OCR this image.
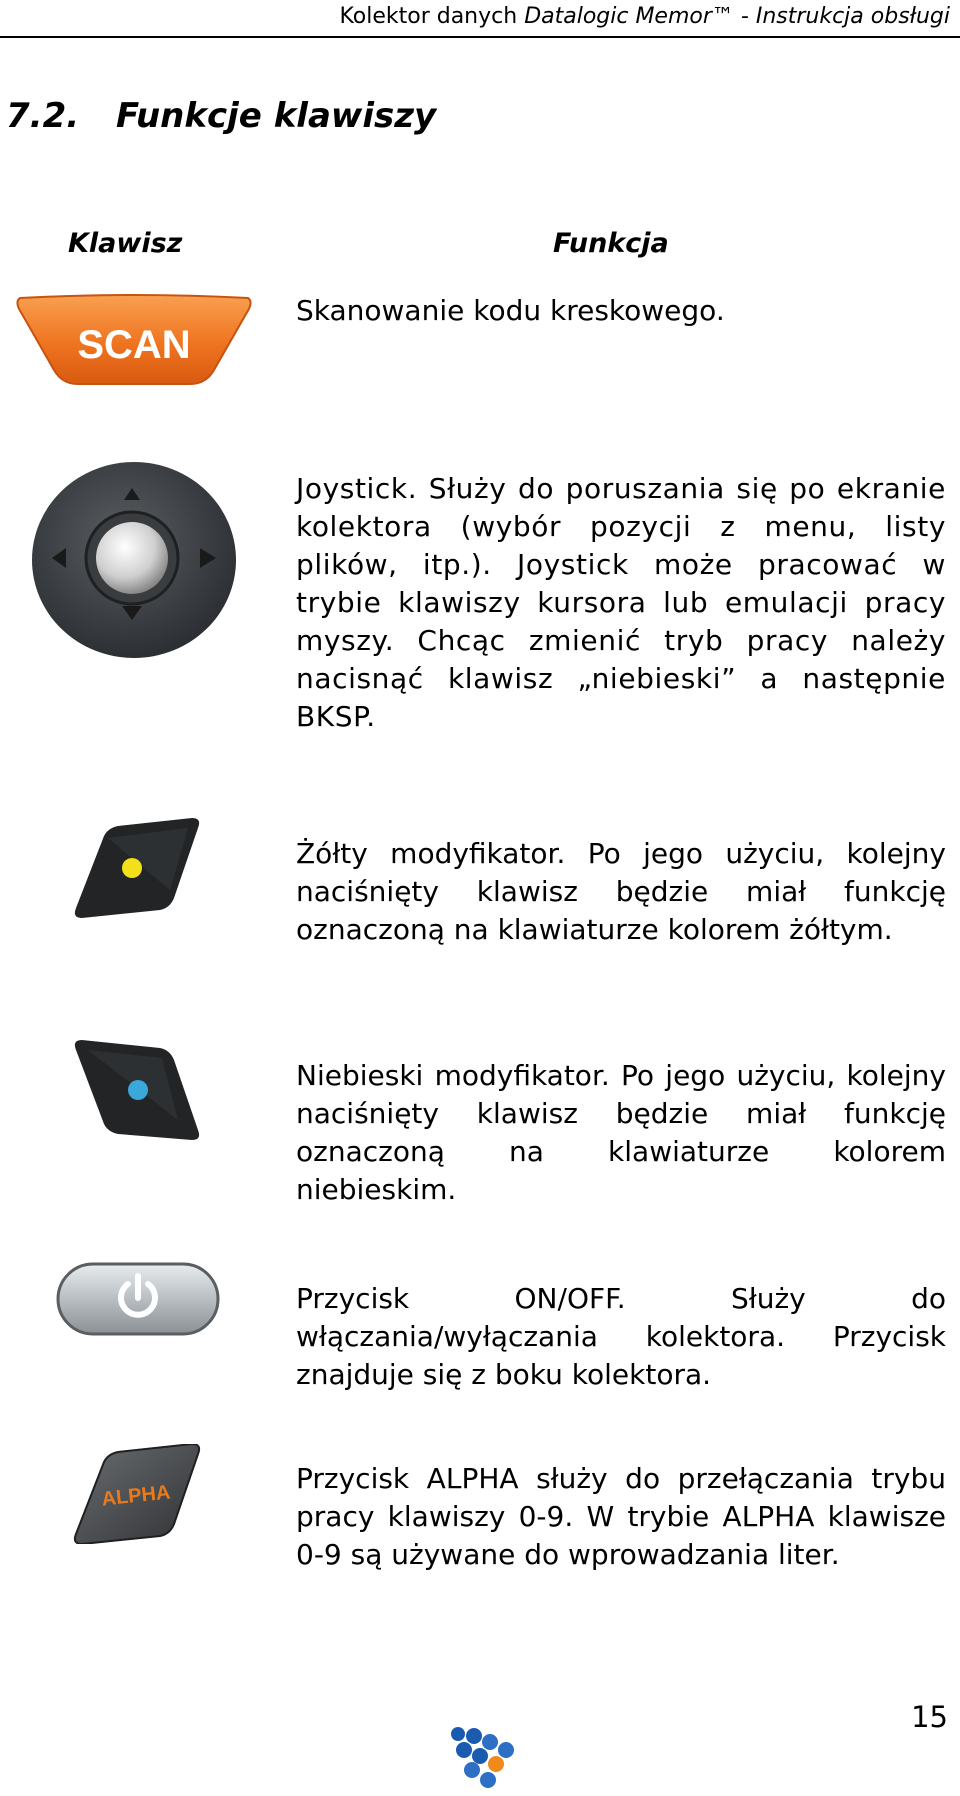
Kolektor danych Datalogic Memor™ - Instrukcja obsługi
7.2. Funkcje klawiszy
Klawisz	Funkcja
SCAN
Skanowanie kodu kreskowego.
Joystick. Służy do poruszania się po ekranie kolektora (wybór pozycji z menu, listy plików, itp.). Joystick może pracować w trybie klawiszy kursora lub emulacji pracy myszy. Chcąc zmienić tryb pracy należy nacisnąć klawisz „niebieski” a następnie BKSP.
Żółty modyfikator. Po jego użyciu, kolejny naciśnięty klawisz będzie miał funkcję oznaczoną na klawiaturze kolorem żółtym.
Niebieski modyfikator. Po jego użyciu, kolejny naciśnięty klawisz będzie miał funkcję oznaczoną na klawiaturze kolorem niebieskim.
Przycisk ON/OFF. Służy do włączania/wyłączania kolektora. Przycisk znajduje się z boku kolektora.
ALPHA
Przycisk ALPHA służy do przełączania trybu pracy klawiszy 0-9. W trybie ALPHA klawisze 0-9 są używane do wprowadzania liter.
15
